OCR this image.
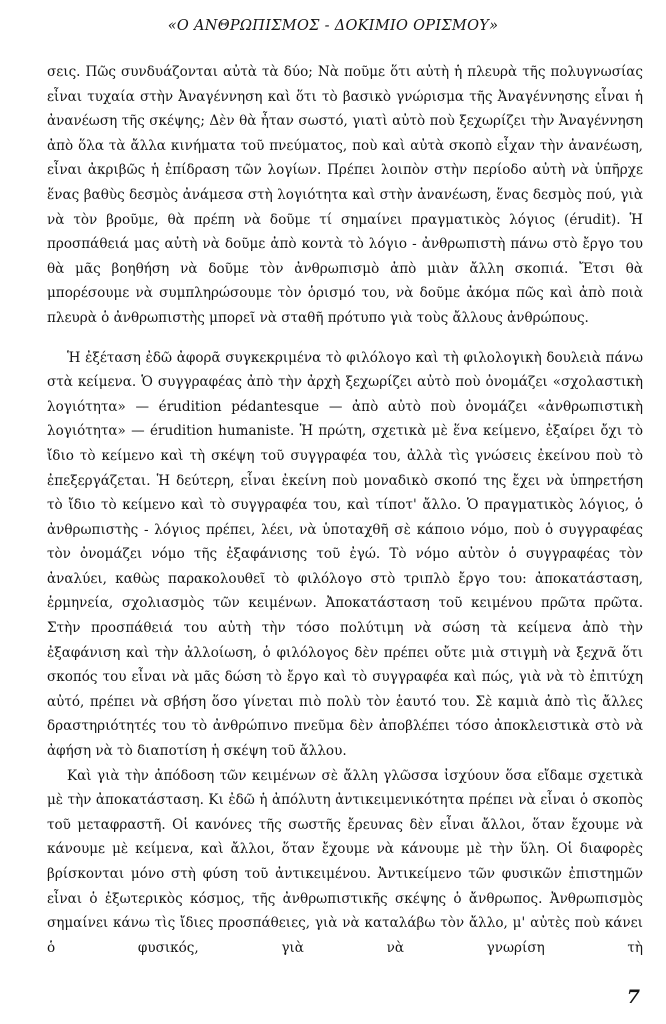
«Ο ΑΝΘΡΩΠΙΣΜΟΣ - ΔΟΚΙΜΙΟ ΟΡΙΣΜΟΥ»

σεις. Πῶς συνδυάζονται αὐτὰ τὰ δύο; Νὰ ποῦμε ὅτι αὐτὴ ἡ πλευρὰ τῆς πολυγνωσίας εἶναι τυχαία στὴν Ἀναγέννηση καὶ ὅτι τὸ βασικὸ γνώρισμα τῆς Ἀναγέννησης εἶναι ἡ ἀνανέωση τῆς σκέψης; Δὲν θὰ ἦταν σωστό, γιατὶ αὐτὸ ποὺ ξεχωρίζει τὴν Ἀναγέννηση ἀπὸ ὅλα τὰ ἄλλα κινήματα τοῦ πνεύματος, ποὺ καὶ αὐτὰ σκοπὸ εἶχαν τὴν ἀνανέωση, εἶναι ἀκριβῶς ἡ ἐπίδραση τῶν λογίων. Πρέπει λοιπὸν στὴν περίοδο αὐτὴ νὰ ὑπῆρχε ἕνας βαθὺς δεσμὸς ἀνάμεσα στὴ λογιότητα καὶ στὴν ἀνανέωση, ἕνας δεσμὸς πού, γιὰ νὰ τὸν βροῦμε, θὰ πρέπη νὰ δοῦμε τί σημαίνει πραγματικὸς λόγιος (érudit). Ἡ προσπάθειά μας αὐτὴ νὰ δοῦμε ἀπὸ κοντὰ τὸ λόγιο - ἀνθρωπιστὴ πάνω στὸ ἔργο του θὰ μᾶς βοηθήση νὰ δοῦμε τὸν ἀνθρωπισμὸ ἀπὸ μιὰν ἄλλη σκοπιά. Ἔτσι θὰ μπορέσουμε νὰ συμπληρώσουμε τὸν ὁρισμό του, νὰ δοῦμε ἀκόμα πῶς καὶ ἀπὸ ποιὰ πλευρὰ ὁ ἀνθρωπιστὴς μπορεῖ νὰ σταθῆ πρότυπο γιὰ τοὺς ἄλλους ἀνθρώπους.

Ἡ ἐξέταση ἐδῶ ἀφορᾶ συγκεκριμένα τὸ φιλόλογο καὶ τὴ φιλολογικὴ δουλειὰ πάνω στὰ κείμενα. Ὁ συγγραφέας ἀπὸ τὴν ἀρχὴ ξεχωρίζει αὐτὸ ποὺ ὀνομάζει «σχολαστικὴ λογιότητα» — érudition pédantesque — ἀπὸ αὐτὸ ποὺ ὀνομάζει «ἀνθρωπιστικὴ λογιότητα» — érudition humaniste. Ἡ πρώτη, σχετικὰ μὲ ἕνα κείμενο, ἐξαίρει ὄχι τὸ ἴδιο τὸ κείμενο καὶ τὴ σκέψη τοῦ συγγραφέα του, ἀλλὰ τὶς γνώσεις ἐκείνου ποὺ τὸ ἐπεξεργάζεται. Ἡ δεύτερη, εἶναι ἐκείνη ποὺ μοναδικὸ σκοπό της ἔχει νὰ ὑπηρετήση τὸ ἴδιο τὸ κείμενο καὶ τὸ συγγραφέα του, καὶ τίποτ' ἄλλο. Ὁ πραγματικὸς λόγιος, ὁ ἀνθρωπιστὴς - λόγιος πρέπει, λέει, νὰ ὑποταχθῆ σὲ κάποιο νόμο, ποὺ ὁ συγγραφέας τὸν ὀνομάζει νόμο τῆς ἐξαφάνισης τοῦ ἐγώ. Τὸ νόμο αὐτὸν ὁ συγγραφέας τὸν ἀναλύει, καθὼς παρακολουθεῖ τὸ φιλόλογο στὸ τριπλὸ ἔργο του: ἀποκατάσταση, ἑρμηνεία, σχολιασμὸς τῶν κειμένων. Ἀποκατάσταση τοῦ κειμένου πρῶτα πρῶτα. Στὴν προσπάθειά του αὐτὴ τὴν τόσο πολύτιμη νὰ σώση τὰ κείμενα ἀπὸ τὴν ἐξαφάνιση καὶ τὴν ἀλλοίωση, ὁ φιλόλογος δὲν πρέπει οὔτε μιὰ στιγμὴ νὰ ξεχνᾶ ὅτι σκοπός του εἶναι νὰ μᾶς δώση τὸ ἔργο καὶ τὸ συγγραφέα καὶ πώς, γιὰ νὰ τὸ ἐπιτύχη αὐτό, πρέπει νὰ σβήση ὅσο γίνεται πιὸ πολὺ τὸν ἑαυτό του. Σὲ καμιὰ ἀπὸ τὶς ἄλλες δραστηριότητές του τὸ ἀνθρώπινο πνεῦμα δὲν ἀποβλέπει τόσο ἀποκλειστικὰ στὸ νὰ ἀφήση νὰ τὸ διαποτίση ἡ σκέψη τοῦ ἄλλου.

Καὶ γιὰ τὴν ἀπόδοση τῶν κειμένων σὲ ἄλλη γλῶσσα ἰσχύουν ὅσα εἴδαμε σχετικὰ μὲ τὴν ἀποκατάσταση. Κι ἐδῶ ἡ ἀπόλυτη ἀντικειμενικότητα πρέπει νὰ εἶναι ὁ σκοπὸς τοῦ μεταφραστῆ. Οἱ κανόνες τῆς σωστῆς ἔρευνας δὲν εἶναι ἄλλοι, ὅταν ἔχουμε νὰ κάνουμε μὲ κείμενα, καὶ ἄλλοι, ὅταν ἔχουμε νὰ κάνουμε μὲ τὴν ὕλη. Οἱ διαφορὲς βρίσκονται μόνο στὴ φύση τοῦ ἀντικειμένου. Ἀντικείμενο τῶν φυσικῶν ἐπιστημῶν εἶναι ὁ ἐξωτερικὸς κόσμος, τῆς ἀνθρωπιστικῆς σκέψης ὁ ἄνθρωπος. Ἀνθρωπισμὸς σημαίνει κάνω τὶς ἴδιες προσπάθειες, γιὰ νὰ καταλάβω τὸν ἄλλο, μ' αὐτὲς ποὺ κάνει ὁ φυσικός, γιὰ νὰ γνωρίση τὴ

7
